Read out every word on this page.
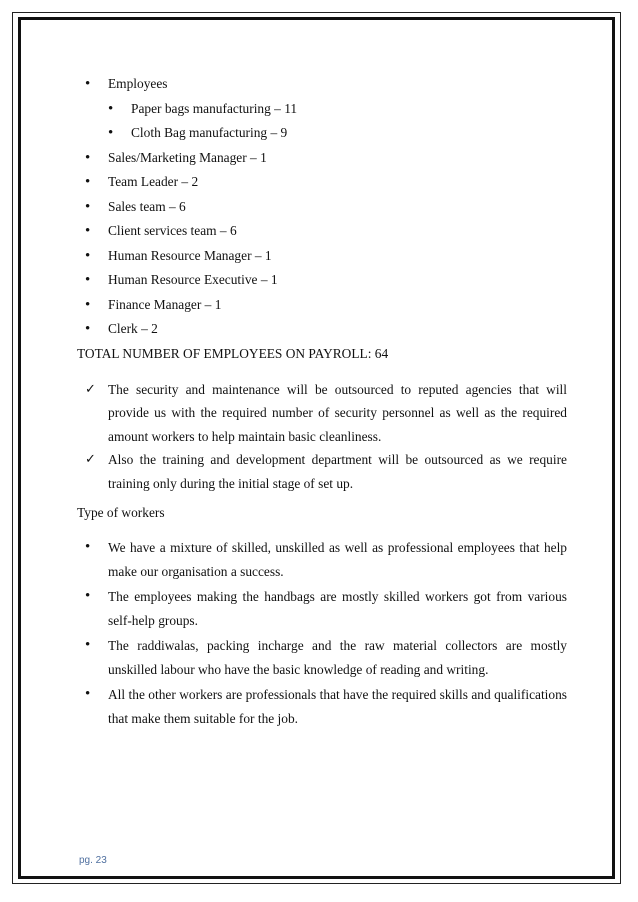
• Employees
• Paper bags manufacturing – 11
• Cloth Bag manufacturing – 9
• Sales/Marketing Manager – 1
• Team Leader – 2
• Sales team – 6
• Client services team – 6
• Human Resource Manager – 1
• Human Resource Executive – 1
• Finance Manager – 1
• Clerk – 2

TOTAL NUMBER OF EMPLOYEES ON PAYROLL: 64

✓ The security and maintenance will be outsourced to reputed agencies that will provide us with the required number of security personnel as well as the required amount workers to help maintain basic cleanliness.
✓ Also the training and development department will be outsourced as we require training only during the initial stage of set up.

Type of workers

• We have a mixture of skilled, unskilled as well as professional employees that help make our organisation a success.
• The employees making the handbags are mostly skilled workers got from various self-help groups.
• The raddiwalas, packing incharge and the raw material collectors are mostly unskilled labour who have the basic knowledge of reading and writing.
• All the other workers are professionals that have the required skills and qualifications that make them suitable for the job.
pg. 23
